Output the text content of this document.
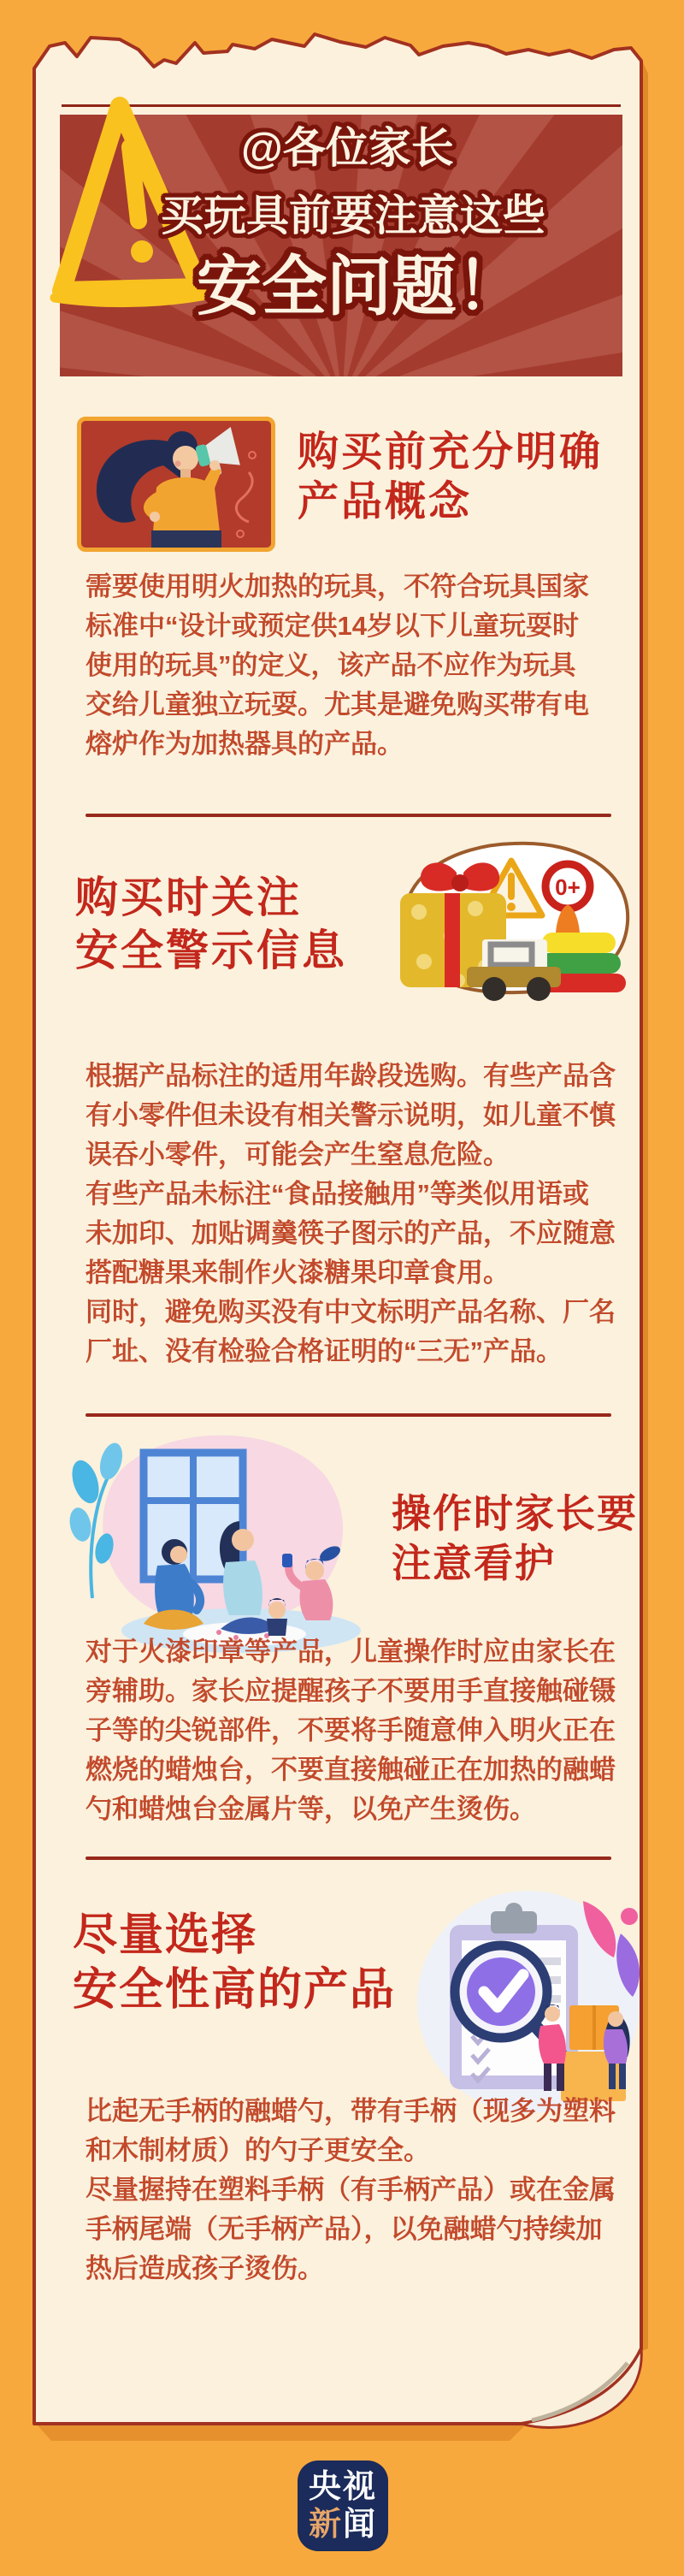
@各位家长
买玩具前要注意这些
安全问题！
购买前充分明确
产品概念
需要使用明火加热的玩具，不符合玩具国家
标准中“设计或预定供14岁以下儿童玩耍时
使用的玩具”的定义，该产品不应作为玩具
交给儿童独立玩耍。尤其是避免购买带有电
熔炉作为加热器具的产品。
购买时关注
安全警示信息
0+
根据产品标注的适用年龄段选购。有些产品含
有小零件但未设有相关警示说明，如儿童不慎
误吞小零件，可能会产生窒息危险。
有些产品未标注“食品接触用”等类似用语或
未加印、加贴调羹筷子图示的产品，不应随意
搭配糖果来制作火漆糖果印章食用。
同时，避免购买没有中文标明产品名称、厂名
厂址、没有检验合格证明的“三无”产品。
操作时家长要
注意看护
对于火漆印章等产品，儿童操作时应由家长在
旁辅助。家长应提醒孩子不要用手直接触碰镊
子等的尖锐部件，不要将手随意伸入明火正在
燃烧的蜡烛台，不要直接触碰正在加热的融蜡
勺和蜡烛台金属片等，以免产生烫伤。
尽量选择
安全性高的产品
比起无手柄的融蜡勺，带有手柄（现多为塑料
和木制材质）的勺子更安全。
尽量握持在塑料手柄（有手柄产品）或在金属
手柄尾端（无手柄产品），以免融蜡勺持续加
热后造成孩子烫伤。
央视
新闻
